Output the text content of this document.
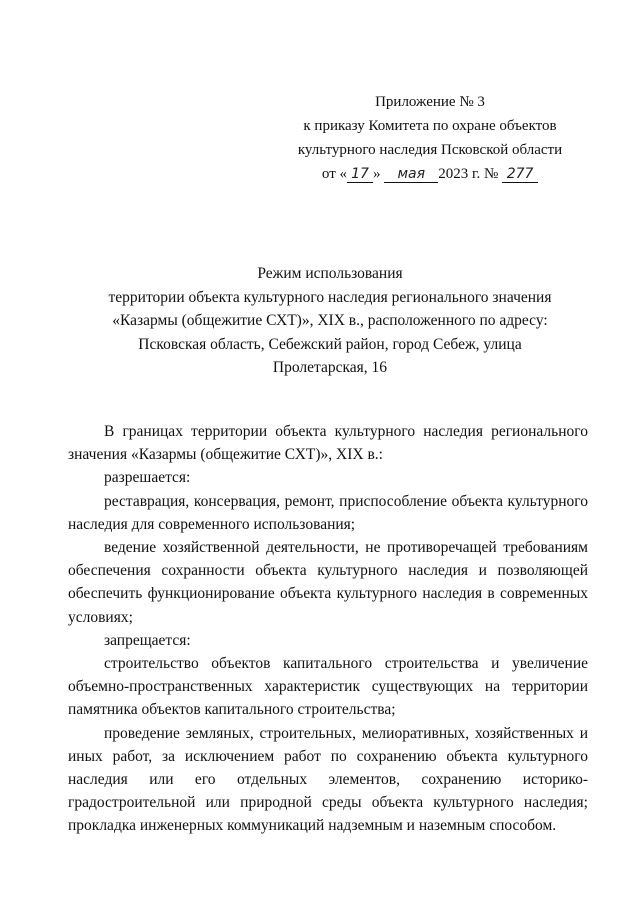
Приложение № 3
к приказу Комитета по охране объектов
культурного наследия Псковской области
от « 17 » мая 2023 г. № 277
Режим использования
территории объекта культурного наследия регионального значения
«Казармы (общежитие СХТ)», XIX в., расположенного по адресу:
Псковская область, Себежский район, город Себеж, улица
Пролетарская, 16

В границах территории объекта культурного наследия регионального значения «Казармы (общежитие СХТ)», XIX в.:

разрешается:

реставрация, консервация, ремонт, приспособление объекта культурного наследия для современного использования;

ведение хозяйственной деятельности, не противоречащей требованиям обеспечения сохранности объекта культурного наследия и позволяющей обеспечить функционирование объекта культурного наследия в современных условиях;

запрещается:

строительство объектов капитального строительства и увеличение объемно-пространственных характеристик существующих на территории памятника объектов капитального строительства;

проведение земляных, строительных, мелиоративных, хозяйственных и иных работ, за исключением работ по сохранению объекта культурного наследия или его отдельных элементов, сохранению историко-градостроительной или природной среды объекта культурного наследия; прокладка инженерных коммуникаций надземным и наземным способом.
